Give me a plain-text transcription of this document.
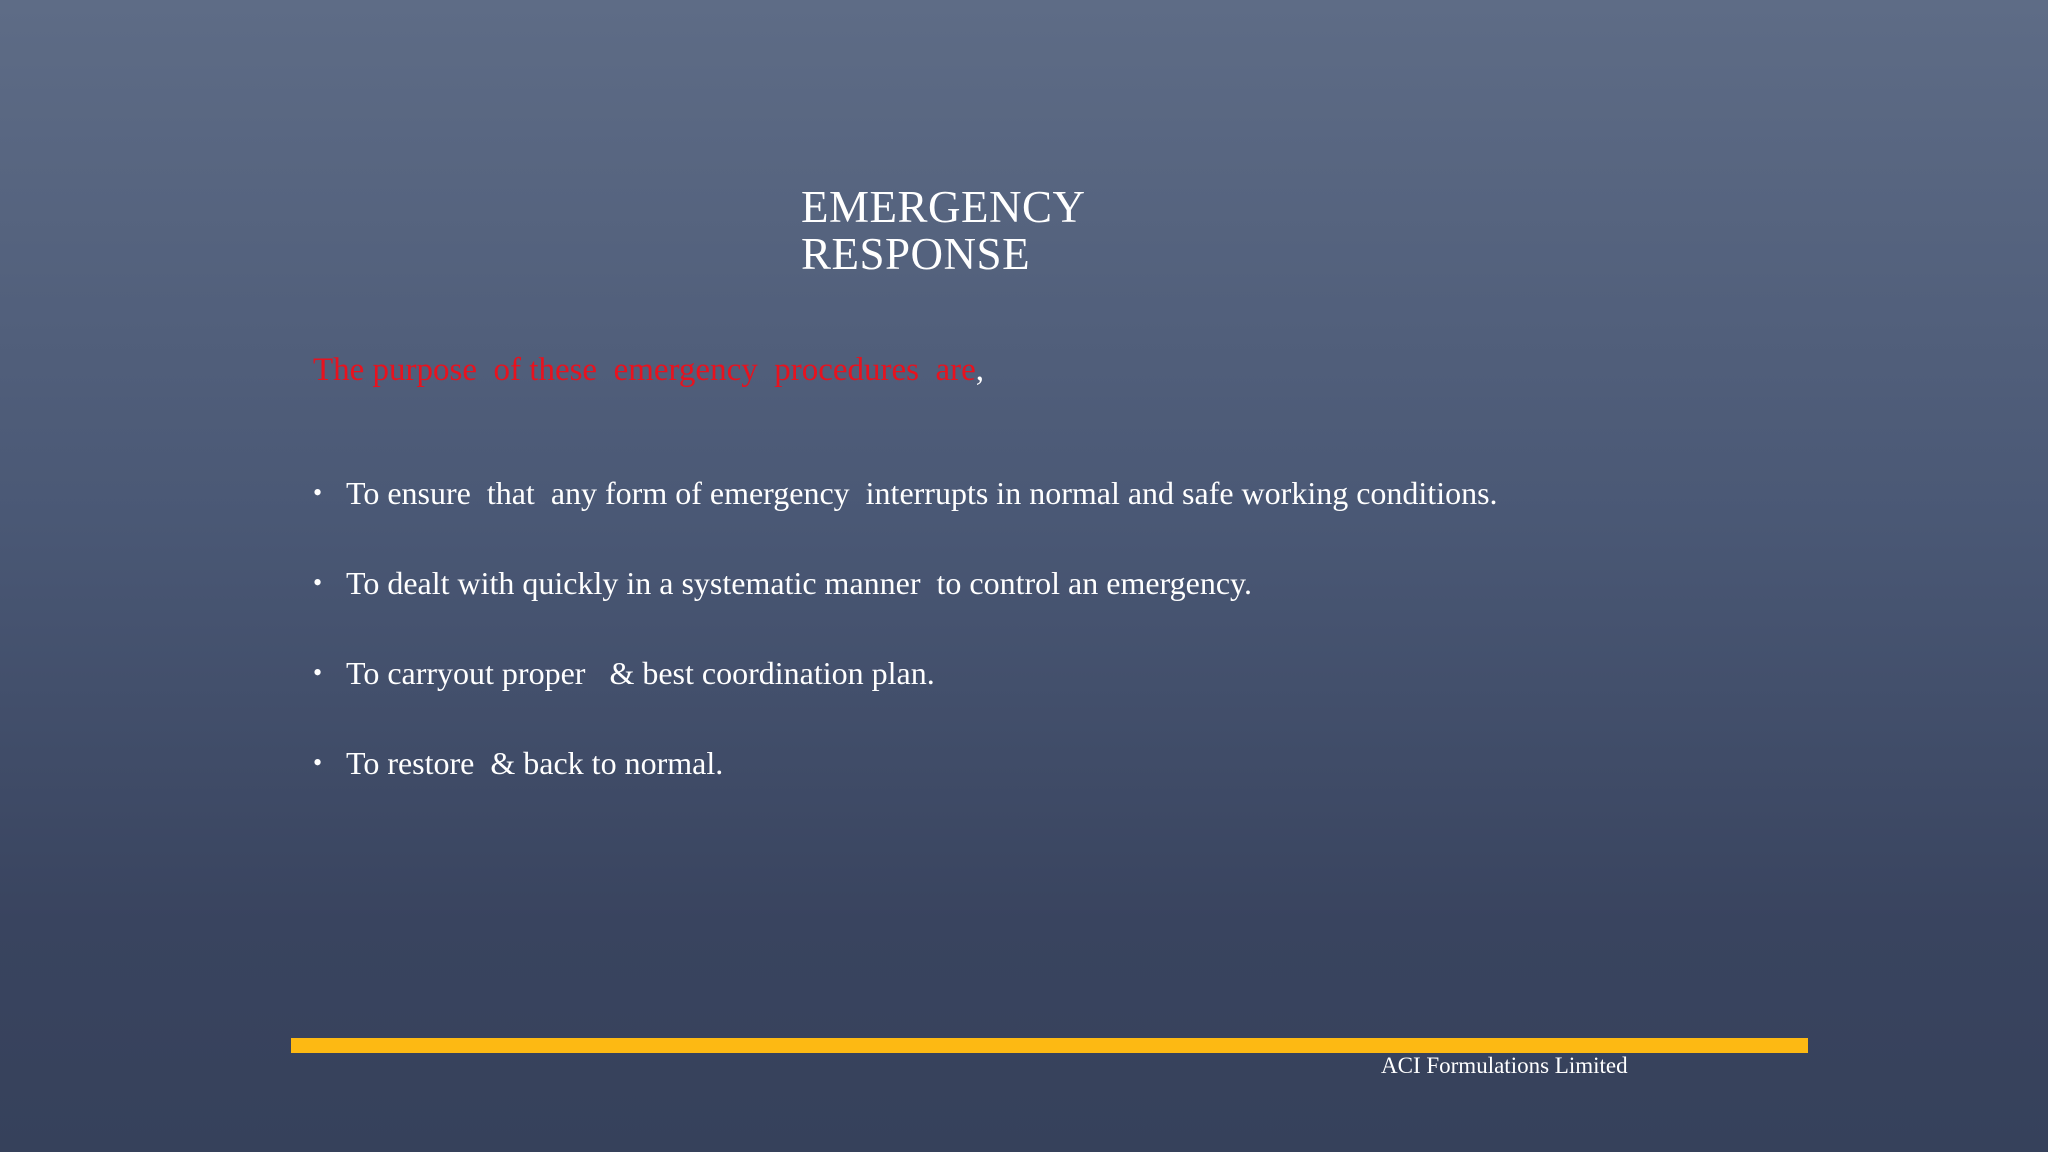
EMERGENCY
RESPONSE
The purpose  of these  emergency  procedures  are,
• To ensure  that  any form of emergency  interrupts in normal and safe working conditions.
• To dealt with quickly in a systematic manner  to control an emergency.
• To carryout proper   & best coordination plan.
• To restore  & back to normal.
ACI Formulations Limited
